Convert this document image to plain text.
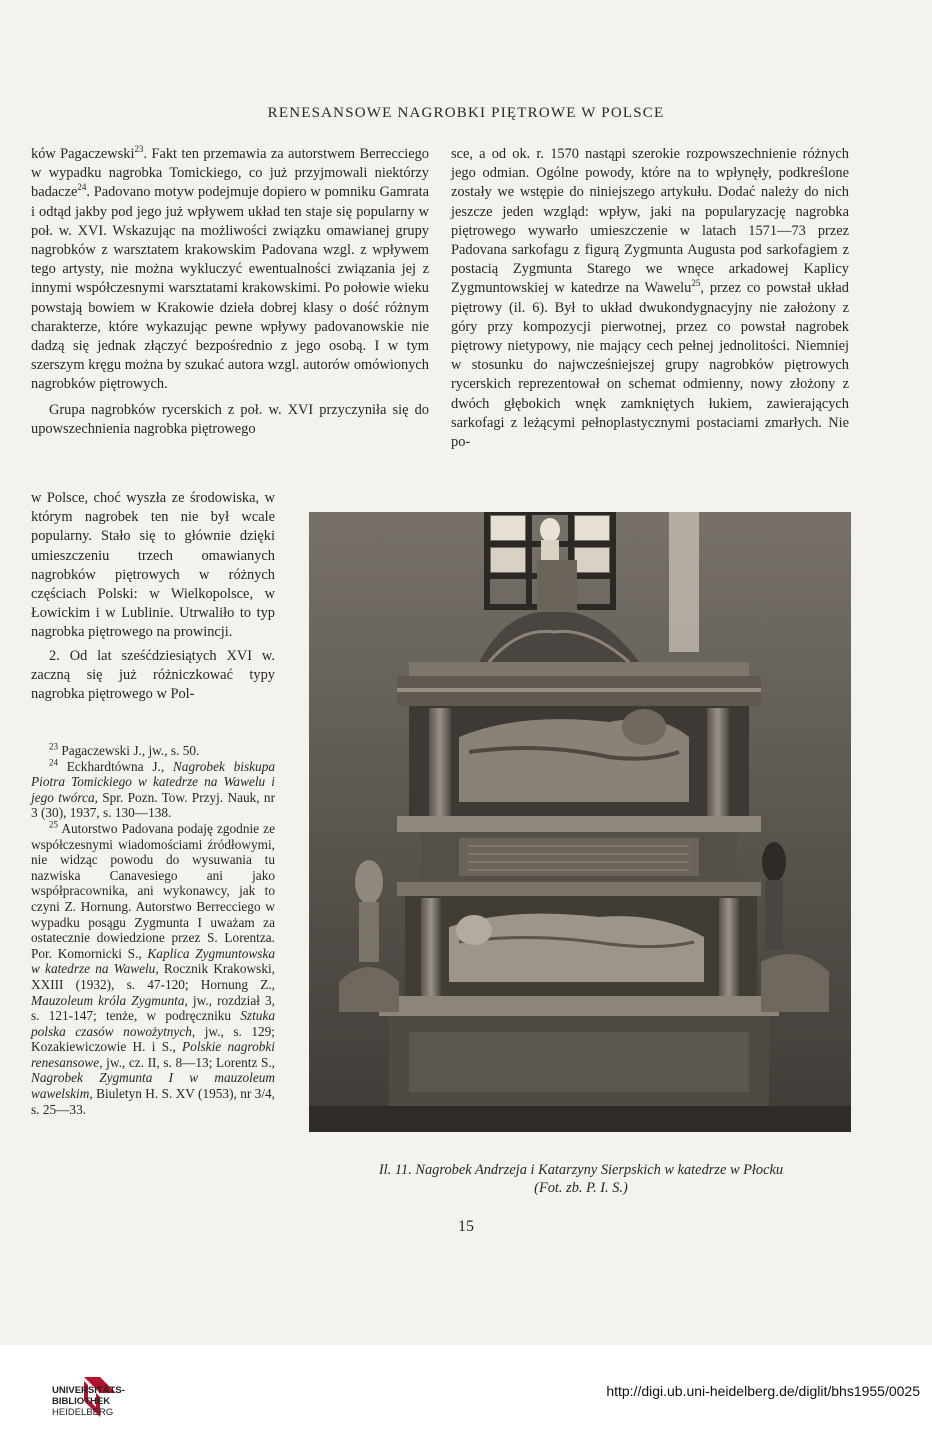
RENESANSOWE NAGROBKI PIĘTROWE W POLSCE

ków Pagaczewski$^{23}$. Fakt ten przemawia za autorstwem Berrecciego w wypadku nagrobka Tomickiego, co już przyjmowali niektórzy badacze$^{24}$. Padovano motyw podejmuje dopiero w pomniku Gamrata i odtąd jakby pod jego już wpływem układ ten staje się popularny w poł. w. XVI. Wskazując na możliwości związku omawianej grupy nagrobków z warsztatem krakowskim Padovana wzgl. z wpływem tego artysty, nie można wykluczyć ewentualności związania jej z innymi współczesnymi warsztatami krakowskimi. Po połowie wieku powstają bowiem w Krakowie dzieła dobrej klasy o dość różnym charakterze, które wykazując pewne wpływy padovanowskie nie dadzą się jednak złączyć bezpośrednio z jego osobą. I w tym szerszym kręgu można by szukać autora wzgl. autorów omówionych nagrobków piętrowych.

Grupa nagrobków rycerskich z poł. w. XVI przyczyniła się do upowszechnienia nagrobka piętrowego

w Polsce, choć wyszła ze środowiska, w którym nagrobek ten nie był wcale popularny. Stało się to głównie dzięki umieszczeniu trzech omawianych nagrobków piętrowych w różnych częściach Polski: w Wielkopolsce, w Łowickim i w Lublinie. Utrwaliło to typ nagrobka piętrowego na prowincji.

2. Od lat sześćdziesiątych XVI w. zaczną się już różniczkować typy nagrobka piętrowego w Pol-

$^{23}$ Pagaczewski J., jw., s. 50.

$^{24}$ Eckhardtówna J., Nagrobek biskupa Piotra Tomickiego w katedrze na Wawelu i jego twórca, Spr. Pozn. Tow. Przyj. Nauk, nr 3 (30), 1937, s. 130—138.

$^{25}$ Autorstwo Padovana podaję zgodnie ze współczesnymi wiadomościami źródłowymi, nie widząc powodu do wysuwania tu nazwiska Canavesiego ani jako współpracownika, ani wykonawcy, jak to czyni Z. Hornung. Autorstwo Berrecciego w wypadku posągu Zygmunta I uważam za ostatecznie dowiedzione przez S. Lorentza. Por. Komornicki S., Kaplica Zygmuntowska w katedrze na Wawelu, Rocznik Krakowski, XXIII (1932), s. 47-120; Hornung Z., Mauzoleum króla Zygmunta, jw., rozdział 3, s. 121-147; tenże, w podręczniku Sztuka polska czasów nowożytnych, jw., s. 129; Kozakiewiczowie H. i S., Polskie nagrobki renesansowe, jw., cz. II, s. 8—13; Lorentz S., Nagrobek Zygmunta I w mauzoleum wawelskim, Biuletyn H. S. XV (1953), nr 3/4, s. 25—33.

sce, a od ok. r. 1570 nastąpi szerokie rozpowszechnienie różnych jego odmian. Ogólne powody, które na to wpłynęły, podkreślone zostały we wstępie do niniejszego artykułu. Dodać należy do nich jeszcze jeden wzgląd: wpływ, jaki na popularyzację nagrobka piętrowego wywarło umieszczenie w latach 1571—73 przez Padovana sarkofagu z figurą Zygmunta Augusta pod sarkofagiem z postacią Zygmunta Starego we wnęce arkadowej Kaplicy Zygmuntowskiej w katedrze na Wawelu$^{25}$, przez co powstał układ piętrowy (il. 6). Był to układ dwukondygnacyjny nie założony z góry przy kompozycji pierwotnej, przez co powstał nagrobek piętrowy nietypowy, nie mający cech pełnej jednolitości. Niemniej w stosunku do najwcześniejszej grupy nagrobków piętrowych rycerskich reprezentował on schemat odmienny, nowy złożony z dwóch głębokich wnęk zamkniętych łukiem, zawierających sarkofagi z leżącymi pełnoplastycznymi postaciami zmarłych. Nie po-

Il. 11. Nagrobek Andrzeja i Katarzyny Sierpskich w katedrze w Płocku
(Fot. zb. P. I. S.)
15
UNIVERSITÄTS-
BIBLIOTHEK
HEIDELBERG
http://digi.ub.uni-heidelberg.de/diglit/bhs1955/0025
